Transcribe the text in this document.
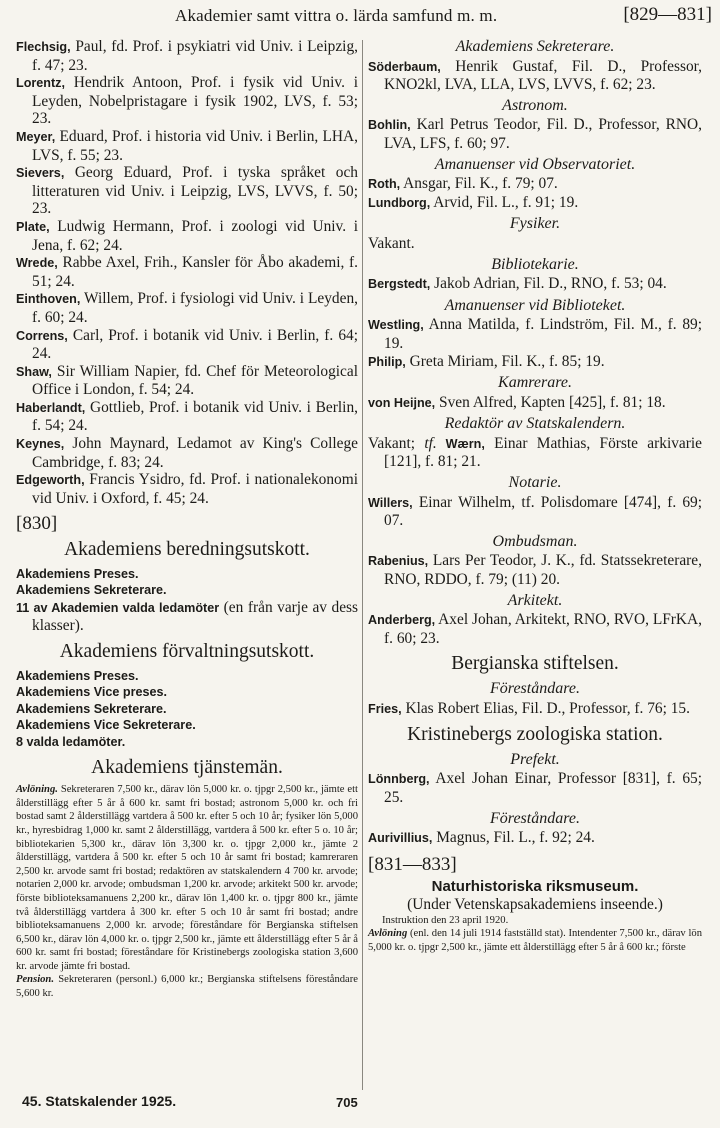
Akademier samt vittra o. lärda samfund m. m.	[829—831]

Flechsig, Paul, fd. Prof. i psykiatri vid Univ. i Leipzig, f. 47; 23.

Lorentz, Hendrik Antoon, Prof. i fysik vid Univ. i Leyden, Nobelpristagare i fysik 1902, LVS, f. 53; 23.

Meyer, Eduard, Prof. i historia vid Univ. i Berlin, LHA, LVS, f. 55; 23.

Sievers, Georg Eduard, Prof. i tyska språket och litteraturen vid Univ. i Leipzig, LVS, LVVS, f. 50; 23.

Plate, Ludwig Hermann, Prof. i zoologi vid Univ. i Jena, f. 62; 24.

Wrede, Rabbe Axel, Frih., Kansler för Åbo akademi, f. 51; 24.

Einthoven, Willem, Prof. i fysiologi vid Univ. i Leyden, f. 60; 24.

Correns, Carl, Prof. i botanik vid Univ. i Berlin, f. 64; 24.

Shaw, Sir William Napier, fd. Chef för Meteorological Office i London, f. 54; 24.

Haberlandt, Gottlieb, Prof. i botanik vid Univ. i Berlin, f. 54; 24.

Keynes, John Maynard, Ledamot av King's College Cambridge, f. 83; 24.

Edgeworth, Francis Ysidro, fd. Prof. i nationalekonomi vid Univ. i Oxford, f. 45; 24.

[830]
Akademiens beredningsutskott.

Akademiens Preses.

Akademiens Sekreterare.

11 av Akademien valda ledamöter (en från varje av dess klasser).

Akademiens förvaltningsutskott.

Akademiens Preses.

Akademiens Vice preses.

Akademiens Sekreterare.

Akademiens Vice Sekreterare.

8 valda ledamöter.

Akademiens tjänstemän.

Avlöning. Sekreteraren 7,500 kr., därav lön 5,000 kr. o. tjpgr 2,500 kr., jämte ett ålderstillägg efter 5 år å 600 kr. samt fri bostad; astronom 5,000 kr. och fri bostad samt 2 ålderstillägg vartdera å 500 kr. efter 5 och 10 år; fysiker lön 5,000 kr., hyresbidrag 1,000 kr. samt 2 ålderstillägg, vartdera å 500 kr. efter 5 o. 10 år; bibliotekarien 5,300 kr., därav lön 3,300 kr. o. tjpgr 2,000 kr., jämte 2 ålderstillägg, vartdera å 500 kr. efter 5 och 10 år samt fri bostad; kamreraren 2,500 kr. arvode samt fri bostad; redaktören av statskalendern 4 700 kr. arvode; notarien 2,000 kr. arvode; ombudsman 1,200 kr. arvode; arkitekt 500 kr. arvode; förste biblioteksamanuens 2,200 kr., därav lön 1,400 kr. o. tjpgr 800 kr., jämte två ålderstillägg vartdera å 300 kr. efter 5 och 10 år samt fri bostad; andre biblioteksamanuens 2,000 kr. arvode; föreståndare för Bergianska stiftelsen 6,500 kr., därav lön 4,000 kr. o. tjpgr 2,500 kr., jämte ett ålderstillägg efter 5 år å 600 kr. samt fri bostad; föreståndare för Kristinebergs zoologiska station 3,600 kr. arvode jämte fri bostad.

Pension. Sekreteraren (personl.) 6,000 kr.; Bergianska stiftelsens föreståndare 5,600 kr.

Akademiens Sekreterare.

Söderbaum, Henrik Gustaf, Fil. D., Professor, KNO2kl, LVA, LLA, LVS, LVVS, f. 62; 23.

Astronom.

Bohlin, Karl Petrus Teodor, Fil. D., Professor, RNO, LVA, LFS, f. 60; 97.

Amanuenser vid Observatoriet.

Roth, Ansgar, Fil. K., f. 79; 07.

Lundborg, Arvid, Fil. L., f. 91; 19.

Fysiker.

Vakant.

Bibliotekarie.

Bergstedt, Jakob Adrian, Fil. D., RNO, f. 53; 04.

Amanuenser vid Biblioteket.

Westling, Anna Matilda, f. Lindström, Fil. M., f. 89; 19.

Philip, Greta Miriam, Fil. K., f. 85; 19.

Kamrerare.

von Heijne, Sven Alfred, Kapten [425], f. 81; 18.

Redaktör av Statskalendern.

Vakant; tf. Wærn, Einar Mathias, Förste arkivarie [121], f. 81; 21.

Notarie.

Willers, Einar Wilhelm, tf. Polisdomare [474], f. 69; 07.

Ombudsman.

Rabenius, Lars Per Teodor, J. K., fd. Statssekreterare, RNO, RDDO, f. 79; (11) 20.

Arkitekt.

Anderberg, Axel Johan, Arkitekt, RNO, RVO, LFrKA, f. 60; 23.

Bergianska stiftelsen.
Föreståndare.

Fries, Klas Robert Elias, Fil. D., Professor, f. 76; 15.

Kristinebergs zoologiska station.
Prefekt.

Lönnberg, Axel Johan Einar, Professor [831], f. 65; 25.

Föreståndare.

Aurivillius, Magnus, Fil. L., f. 92; 24.

[831—833]
Naturhistoriska riksmuseum.

(Under Vetenskapsakademiens inseende.)

Instruktion den 23 april 1920.

Avlöning (enl. den 14 juli 1914 fastställd stat). Intendenter 7,500 kr., därav lön 5,000 kr. o. tjpgr 2,500 kr., jämte ett ålderstillägg efter 5 år å 600 kr.; förste

45. Statskalender 1925.	705
